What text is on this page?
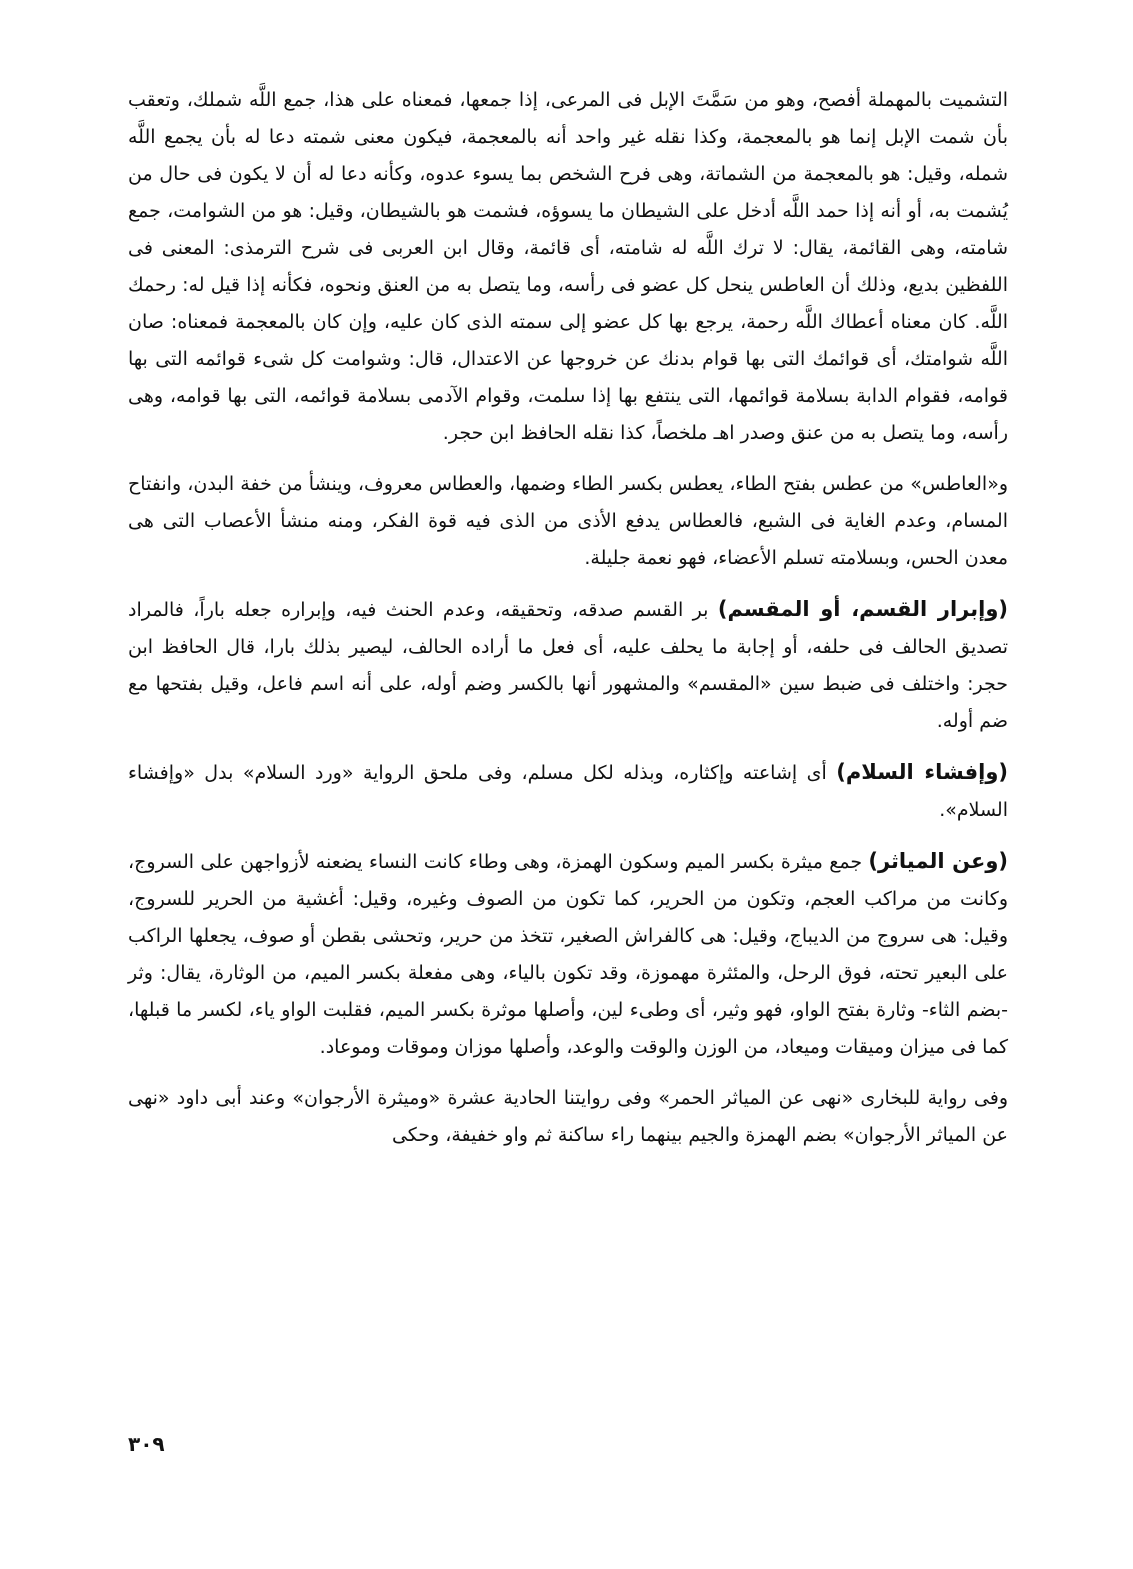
التشميت بالمهملة أفصح، وهو من سَمَّتَ الإبل فى المرعى، إذا جمعها، فمعناه على هذا، جمع اللَّه شملك، وتعقب بأن شمت الإبل إنما هو بالمعجمة، وكذا نقله غير واحد أنه بالمعجمة، فيكون معنى شمته دعا له بأن يجمع اللَّه شمله، وقيل: هو بالمعجمة من الشماتة، وهى فرح الشخص بما يسوء عدوه، وكأنه دعا له أن لا يكون فى حال من يُشمت به، أو أنه إذا حمد اللَّه أدخل على الشيطان ما يسوؤه، فشمت هو بالشيطان، وقيل: هو من الشوامت، جمع شامته، وهى القائمة، يقال: لا ترك اللَّه له شامته، أى قائمة، وقال ابن العربى فى شرح الترمذى: المعنى فى اللفظين بديع، وذلك أن العاطس ينحل كل عضو فى رأسه، وما يتصل به من العنق ونحوه، فكأنه إذا قيل له: رحمك اللَّه. كان معناه أعطاك اللَّه رحمة، يرجع بها كل عضو إلى سمته الذى كان عليه، وإن كان بالمعجمة فمعناه: صان اللَّه شوامتك، أى قوائمك التى بها قوام بدنك عن خروجها عن الاعتدال، قال: وشوامت كل شىء قوائمه التى بها قوامه، فقوام الدابة بسلامة قوائمها، التى ينتفع بها إذا سلمت، وقوام الآدمى بسلامة قوائمه، التى بها قوامه، وهى رأسه، وما يتصل به من عنق وصدر اهـ ملخصاً، كذا نقله الحافظ ابن حجر.

و«العاطس» من عطس بفتح الطاء، يعطس بكسر الطاء وضمها، والعطاس معروف، وينشأ من خفة البدن، وانفتاح المسام، وعدم الغاية فى الشبع، فالعطاس يدفع الأذى من الذى فيه قوة الفكر، ومنه منشأ الأعصاب التى هى معدن الحس، وبسلامته تسلم الأعضاء، فهو نعمة جليلة.

(وإبرار القسم، أو المقسم) بر القسم صدقه، وتحقيقه، وعدم الحنث فيه، وإبراره جعله باراً، فالمراد تصديق الحالف فى حلفه، أو إجابة ما يحلف عليه، أى فعل ما أراده الحالف، ليصير بذلك بارا، قال الحافظ ابن حجر: واختلف فى ضبط سين «المقسم» والمشهور أنها بالكسر وضم أوله، على أنه اسم فاعل، وقيل بفتحها مع ضم أوله.

(وإفشاء السلام) أى إشاعته وإكثاره، وبذله لكل مسلم، وفى ملحق الرواية «ورد السلام» بدل «وإفشاء السلام».

(وعن المياثر) جمع ميثرة بكسر الميم وسكون الهمزة، وهى وطاء كانت النساء يضعنه لأزواجهن على السروج، وكانت من مراكب العجم، وتكون من الحرير، كما تكون من الصوف وغيره، وقيل: أغشية من الحرير للسروج، وقيل: هى سروج من الديباج، وقيل: هى كالفراش الصغير، تتخذ من حرير، وتحشى بقطن أو صوف، يجعلها الراكب على البعير تحته، فوق الرحل، والمئثرة مهموزة، وقد تكون بالياء، وهى مفعلة بكسر الميم، من الوثارة، يقال: وثر -بضم الثاء- وثارة بفتح الواو، فهو وثير، أى وطىء لين، وأصلها موثرة بكسر الميم، فقلبت الواو ياء، لكسر ما قبلها، كما فى ميزان وميقات وميعاد، من الوزن والوقت والوعد، وأصلها موزان وموقات وموعاد.

وفى رواية للبخارى «نهى عن المياثر الحمر» وفى روايتنا الحادية عشرة «وميثرة الأرجوان» وعند أبى داود «نهى عن المياثر الأرجوان» بضم الهمزة والجيم بينهما راء ساكنة ثم واو خفيفة، وحكى

٣٠٩
